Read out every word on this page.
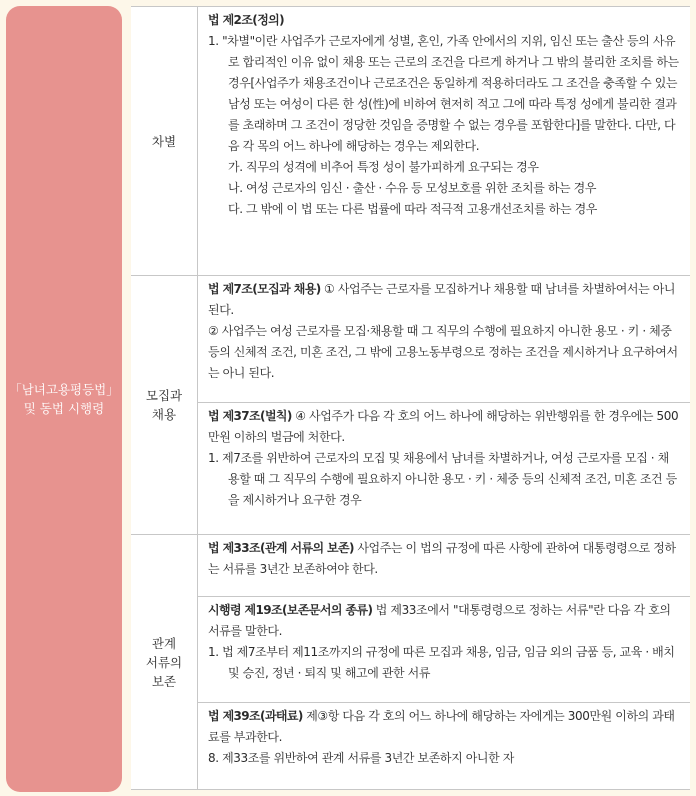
「남녀고용평등법」
및 동법 시행령
차별

법 제2조(정의)

1. "차별"이란 사업주가 근로자에게 성별, 혼인, 가족 안에서의 지위, 임신 또는 출산 등의 사유로 합리적인 이유 없이 채용 또는 근로의 조건을 다르게 하거나 그 밖의 불리한 조치를 하는 경우[사업주가 채용조건이나 근로조건은 동일하게 적용하더라도 그 조건을 충족할 수 있는 남성 또는 여성이 다른 한 성(性)에 비하여 현저히 적고 그에 따라 특정 성에게 불리한 결과를 초래하며 그 조건이 정당한 것임을 증명할 수 없는 경우를 포함한다]를 말한다. 다만, 다음 각 목의 어느 하나에 해당하는 경우는 제외한다.

가. 직무의 성격에 비추어 특정 성이 불가피하게 요구되는 경우

나. 여성 근로자의 임신 · 출산 · 수유 등 모성보호를 위한 조치를 하는 경우

다. 그 밖에 이 법 또는 다른 법률에 따라 적극적 고용개선조치를 하는 경우

모집과
채용

법 제7조(모집과 채용) ① 사업주는 근로자를 모집하거나 채용할 때 남녀를 차별하여서는 아니 된다.

② 사업주는 여성 근로자를 모집·채용할 때 그 직무의 수행에 필요하지 아니한 용모 · 키 · 체중 등의 신체적 조건, 미혼 조건, 그 밖에 고용노동부령으로 정하는 조건을 제시하거나 요구하여서는 아니 된다.

법 제37조(벌칙) ④ 사업주가 다음 각 호의 어느 하나에 해당하는 위반행위를 한 경우에는 500만원 이하의 벌금에 처한다.

1. 제7조를 위반하여 근로자의 모집 및 채용에서 남녀를 차별하거나, 여성 근로자를 모집 · 채용할 때 그 직무의 수행에 필요하지 아니한 용모 · 키 · 체중 등의 신체적 조건, 미혼 조건 등을 제시하거나 요구한 경우

관계
서류의
보존

법 제33조(관계 서류의 보존) 사업주는 이 법의 규정에 따른 사항에 관하여 대통령령으로 정하는 서류를 3년간 보존하여야 한다.

시행령 제19조(보존문서의 종류) 법 제33조에서 "대통령령으로 정하는 서류"란 다음 각 호의 서류를 말한다.

1. 법 제7조부터 제11조까지의 규정에 따른 모집과 채용, 임금, 임금 외의 금품 등, 교육 · 배치 및 승진, 정년 · 퇴직 및 해고에 관한 서류

법 제39조(과태료) 제③항 다음 각 호의 어느 하나에 해당하는 자에게는 300만원 이하의 과태료를 부과한다.

8. 제33조를 위반하여 관계 서류를 3년간 보존하지 아니한 자
